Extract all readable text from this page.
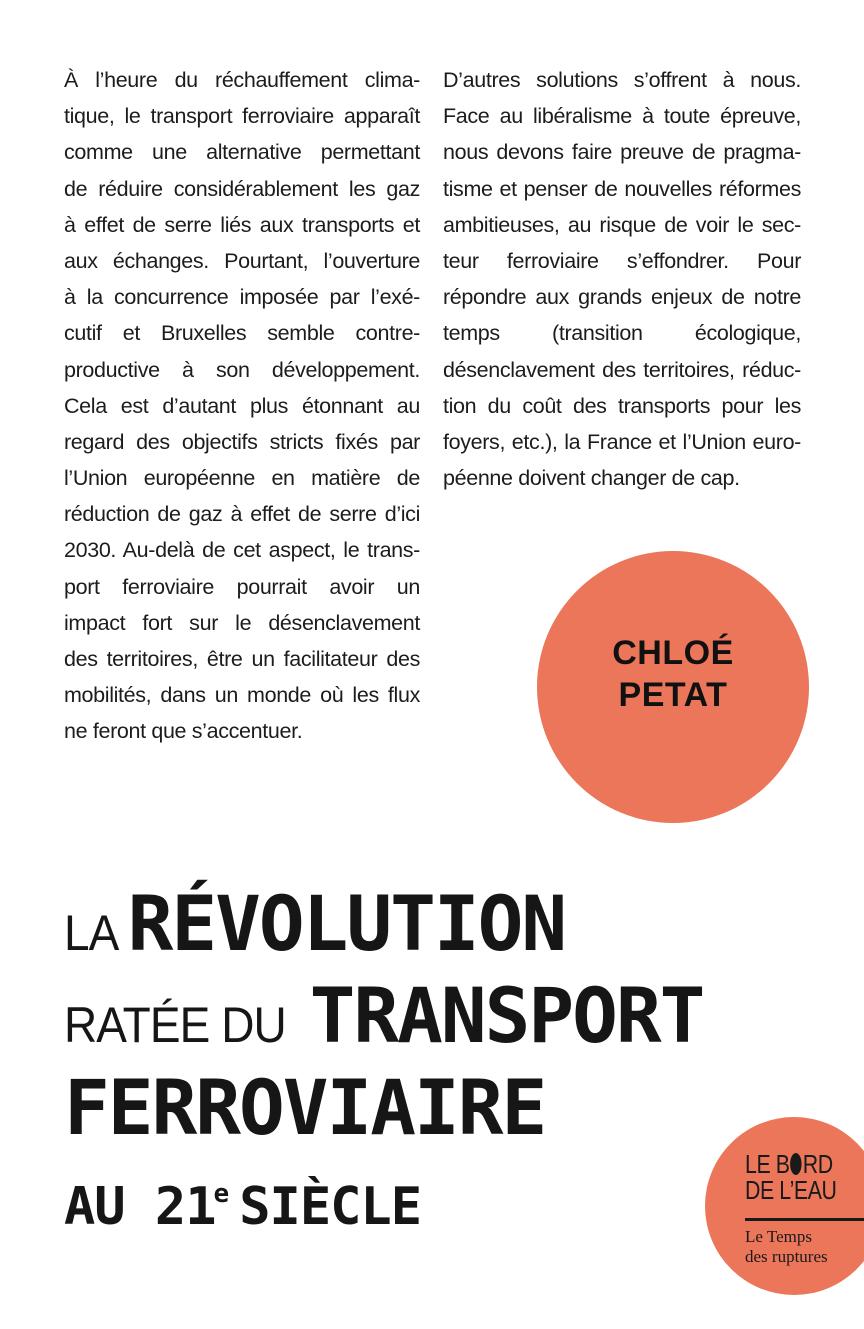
À l’heure du réchauffement clima-
tique, le transport ferroviaire apparaît
comme une alternative permettant
de réduire considérablement les gaz
à effet de serre liés aux transports et
aux échanges. Pourtant, l’ouverture
à la concurrence imposée par l’exé-
cutif et Bruxelles semble contre-
productive à son développement.
Cela est d’autant plus étonnant au
regard des objectifs stricts fixés par
l’Union européenne en matière de
réduction de gaz à effet de serre d’ici
2030. Au-delà de cet aspect, le trans-
port ferroviaire pourrait avoir un
impact fort sur le désenclavement
des territoires, être un facilitateur des
mobilités, dans un monde où les flux
ne feront que s’accentuer.
D’autres solutions s’offrent à nous.
Face au libéralisme à toute épreuve,
nous devons faire preuve de pragma-
tisme et penser de nouvelles réformes
ambitieuses, au risque de voir le sec-
teur ferroviaire s’effondrer. Pour
répondre aux grands enjeux de notre
temps (transition écologique,
désenclavement des territoires, réduc-
tion du coût des transports pour les
foyers, etc.), la France et l’Union euro-
péenne doivent changer de cap.
CHLOÉ
PETAT
LA RÉVOLUTION
RATÉE DU TRANSPORT
FERROVIAIRE
AU 21e SIÈCLE
LE B RD
DE L’EAU
Le Temps
des ruptures
